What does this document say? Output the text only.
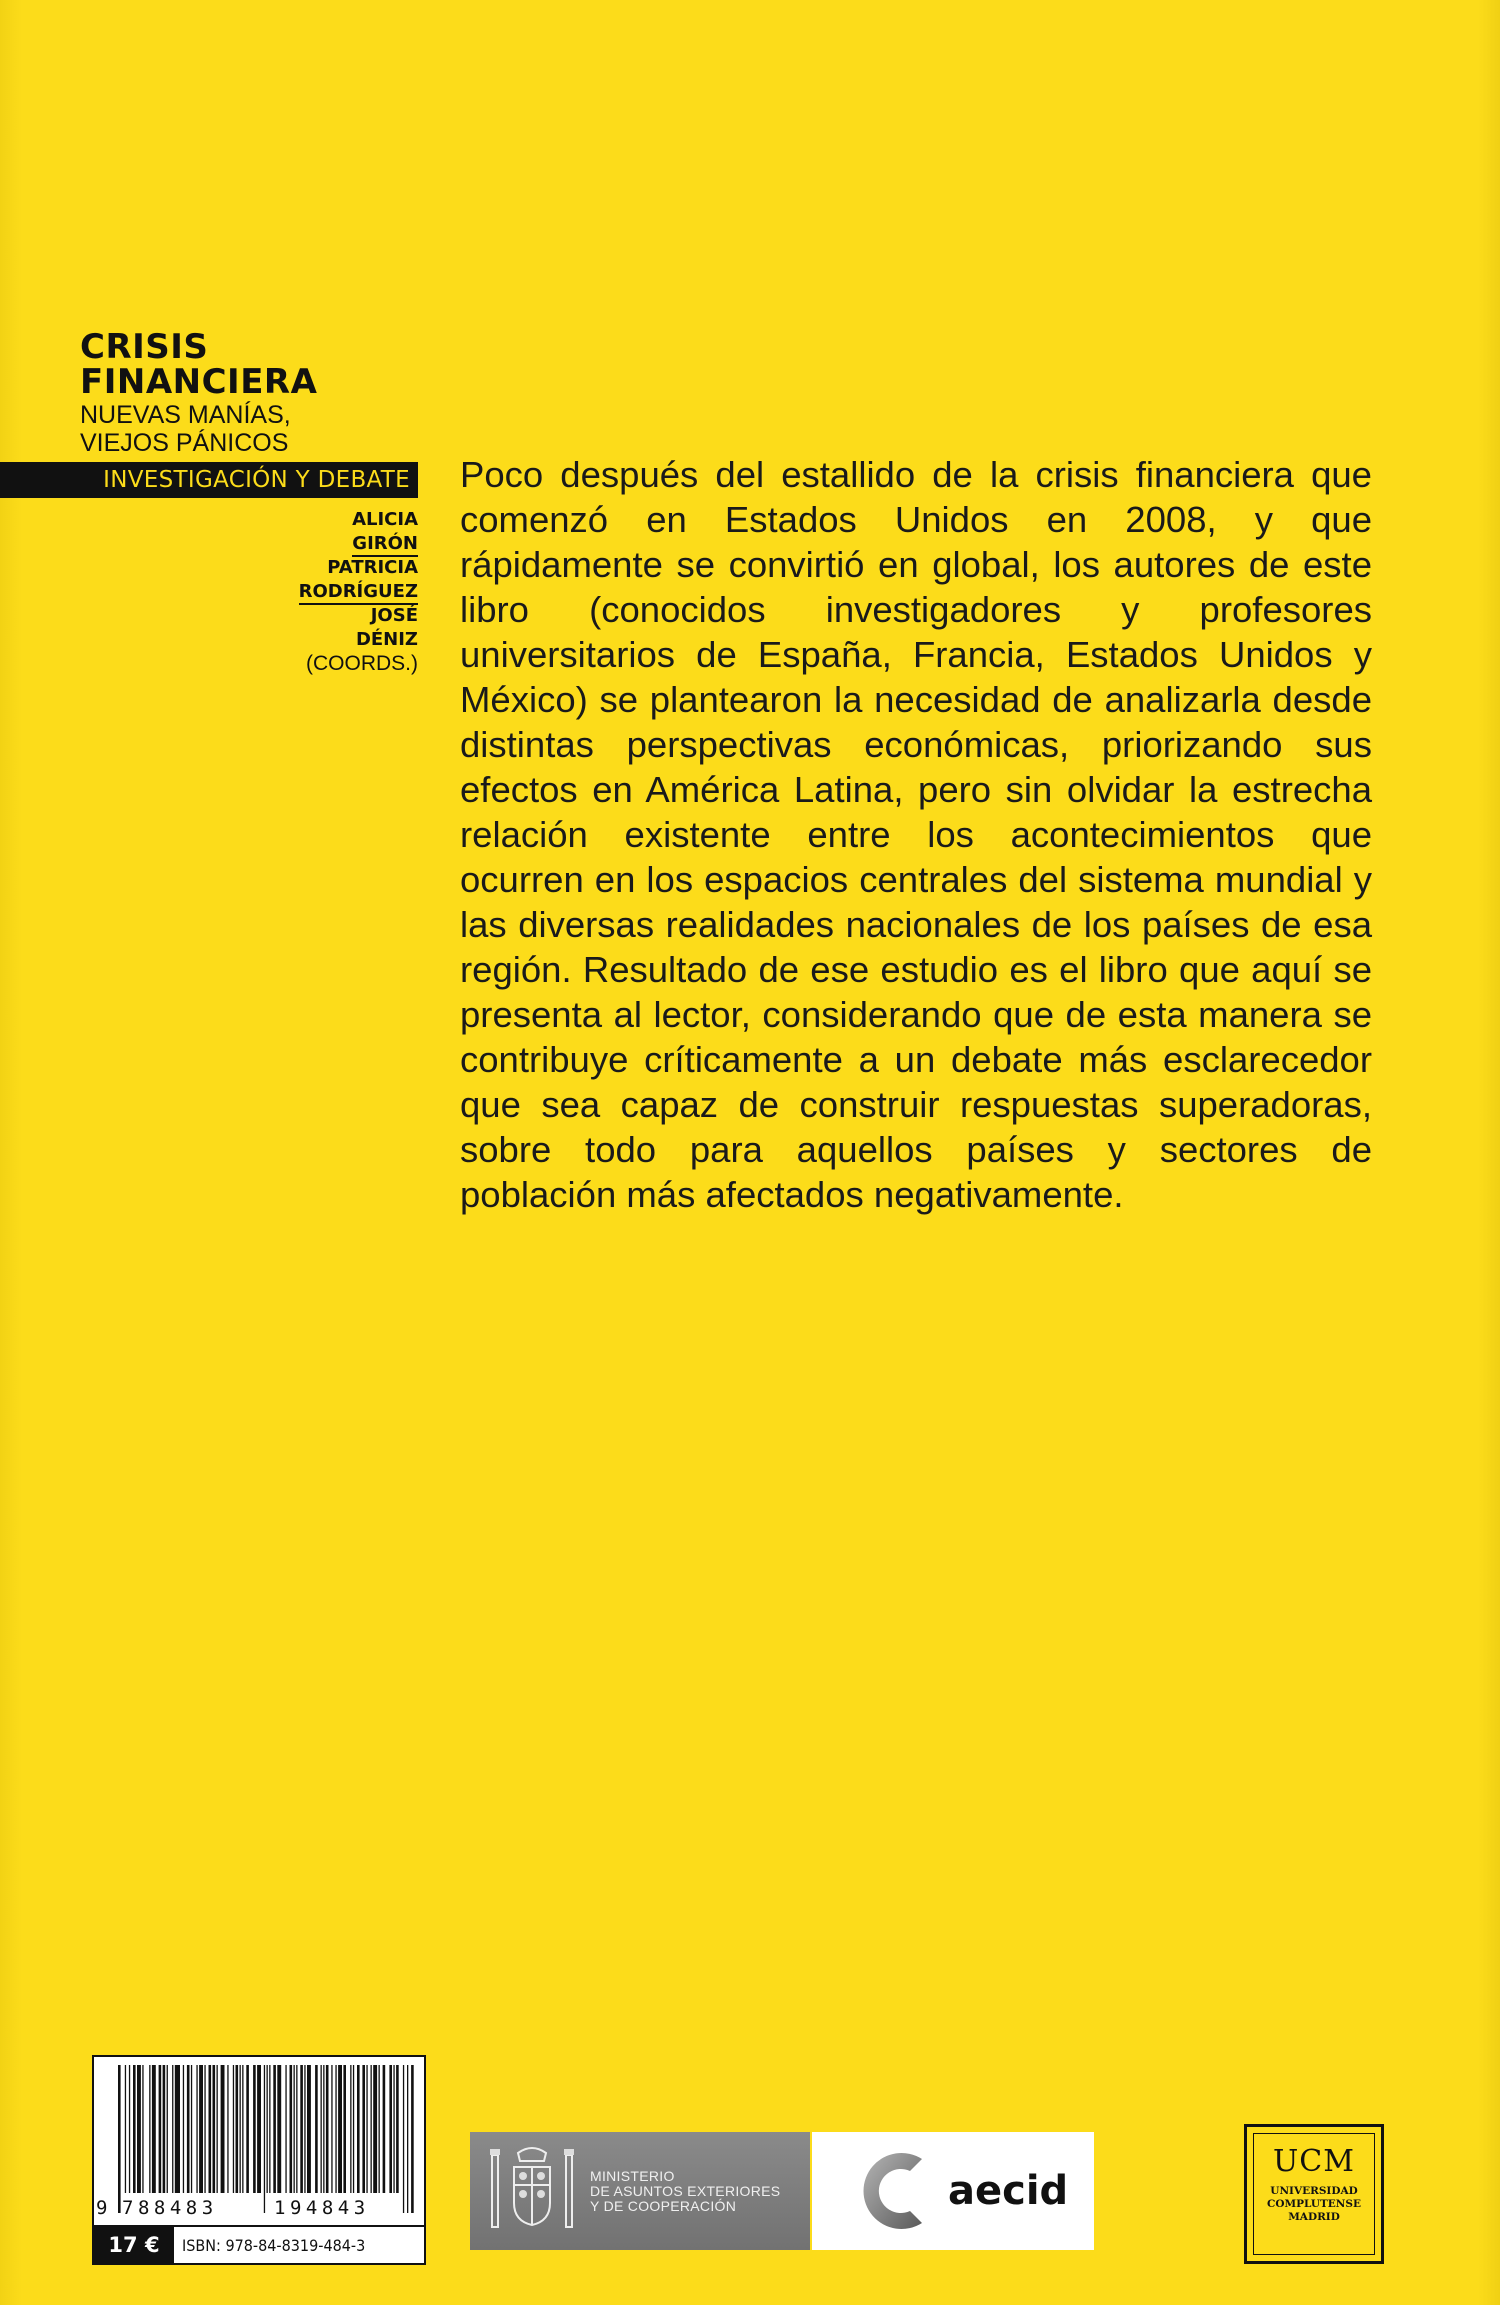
CRISIS
FINANCIERA
NUEVAS MANÍAS,
VIEJOS PÁNICOS
INVESTIGACIÓN Y DEBATE
ALICIA
GIRÓN
PATRICIA
RODRÍGUEZ
JOSÉ
DÉNIZ
(COORDS.)

Poco después del estallido de la crisis financiera que comenzó en Estados Unidos en 2008, y que rápidamente se convirtió en global, los autores de este libro (conocidos investigadores y profesores universitarios de España, Francia, Estados Unidos y México) se plantearon la necesidad de analizarla desde distintas perspectivas económicas, priorizando sus efectos en América Latina, pero sin olvidar la estrecha relación existente entre los acontecimientos que ocurren en los espacios centrales del sistema mundial y las diversas realidades nacionales de los países de esa región. Resultado de ese estudio es el libro que aquí se presenta al lector, considerando que de esta manera se contribuye críticamente a un debate más esclarecedor que sea capaz de construir respuestas superadoras, sobre todo para aquellos países y sectores de población más afectados negativamente.

9 788483	194843
17 €	ISBN: 978-84-8319-484-3
MINISTERIO
DE ASUNTOS EXTERIORES
Y DE COOPERACIÓN	aecid
UCM
UNIVERSIDAD
COMPLUTENSE
MADRID
